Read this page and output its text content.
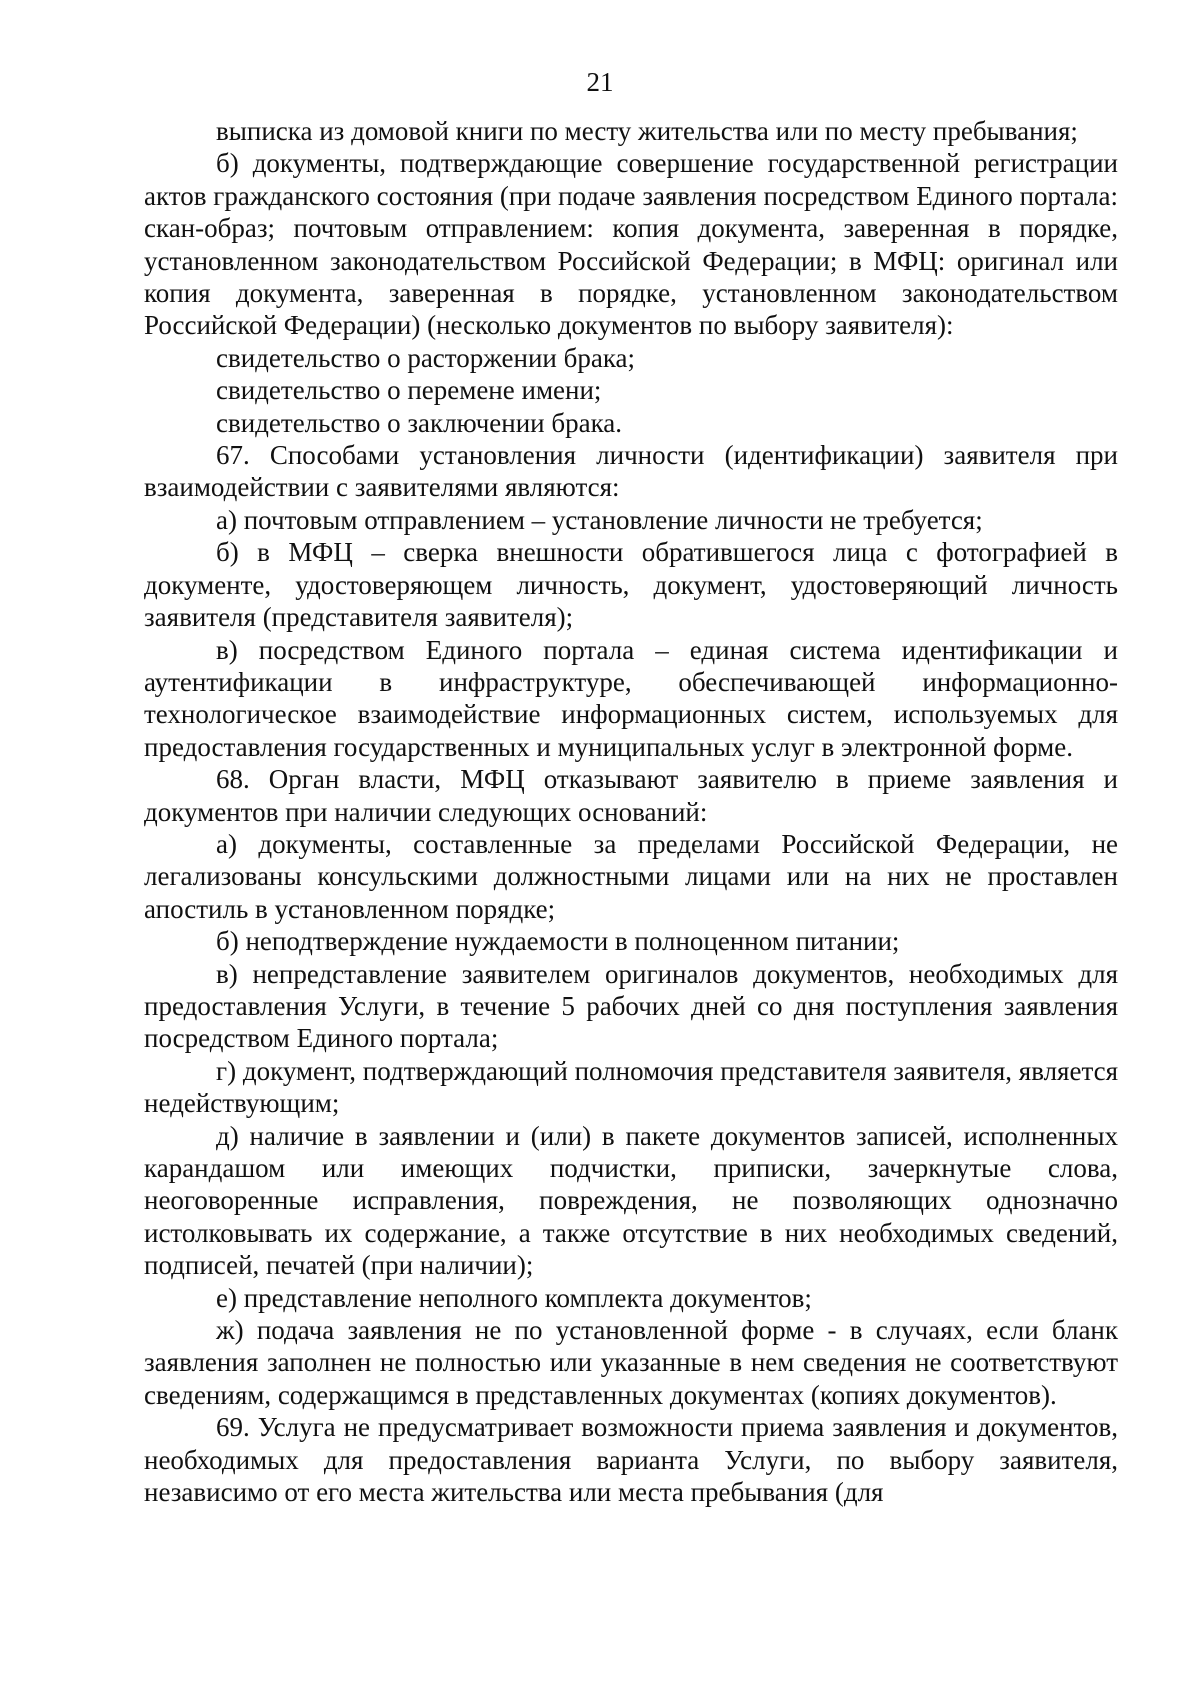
21

выписка из домовой книги по месту жительства или по месту пребывания;

б) документы, подтверждающие совершение государственной регистрации актов гражданского состояния (при подаче заявления посредством Единого портала: скан-образ; почтовым отправлением: копия документа, заверенная в порядке, установленном законодательством Российской Федерации; в МФЦ: оригинал или копия документа, заверенная в порядке, установленном законодательством Российской Федерации) (несколько документов по выбору заявителя):

свидетельство о расторжении брака;

свидетельство о перемене имени;

свидетельство о заключении брака.

67. Способами установления личности (идентификации) заявителя при взаимодействии с заявителями являются:

а) почтовым отправлением – установление личности не требуется;

б) в МФЦ – сверка внешности обратившегося лица с фотографией в документе, удостоверяющем личность, документ, удостоверяющий личность заявителя (представителя заявителя);

в) посредством Единого портала – единая система идентификации и аутентификации в инфраструктуре, обеспечивающей информационно-технологическое взаимодействие информационных систем, используемых для предоставления государственных и муниципальных услуг в электронной форме.

68. Орган власти, МФЦ отказывают заявителю в приеме заявления и документов при наличии следующих оснований:

а) документы, составленные за пределами Российской Федерации, не легализованы консульскими должностными лицами или на них не проставлен апостиль в установленном порядке;

б) неподтверждение нуждаемости в полноценном питании;

в) непредставление заявителем оригиналов документов, необходимых для предоставления Услуги, в течение 5 рабочих дней со дня поступления заявления посредством Единого портала;

г) документ, подтверждающий полномочия представителя заявителя, является недействующим;

д) наличие в заявлении и (или) в пакете документов записей, исполненных карандашом или имеющих подчистки, приписки, зачеркнутые слова, неоговоренные исправления, повреждения, не позволяющих однозначно истолковывать их содержание, а также отсутствие в них необходимых сведений, подписей, печатей (при наличии);

е) представление неполного комплекта документов;

ж) подача заявления не по установленной форме - в случаях, если бланк заявления заполнен не полностью или указанные в нем сведения не соответствуют сведениям, содержащимся в представленных документах (копиях документов).

69. Услуга не предусматривает возможности приема заявления и документов, необходимых для предоставления варианта Услуги, по выбору заявителя, независимо от его места жительства или места пребывания (для
